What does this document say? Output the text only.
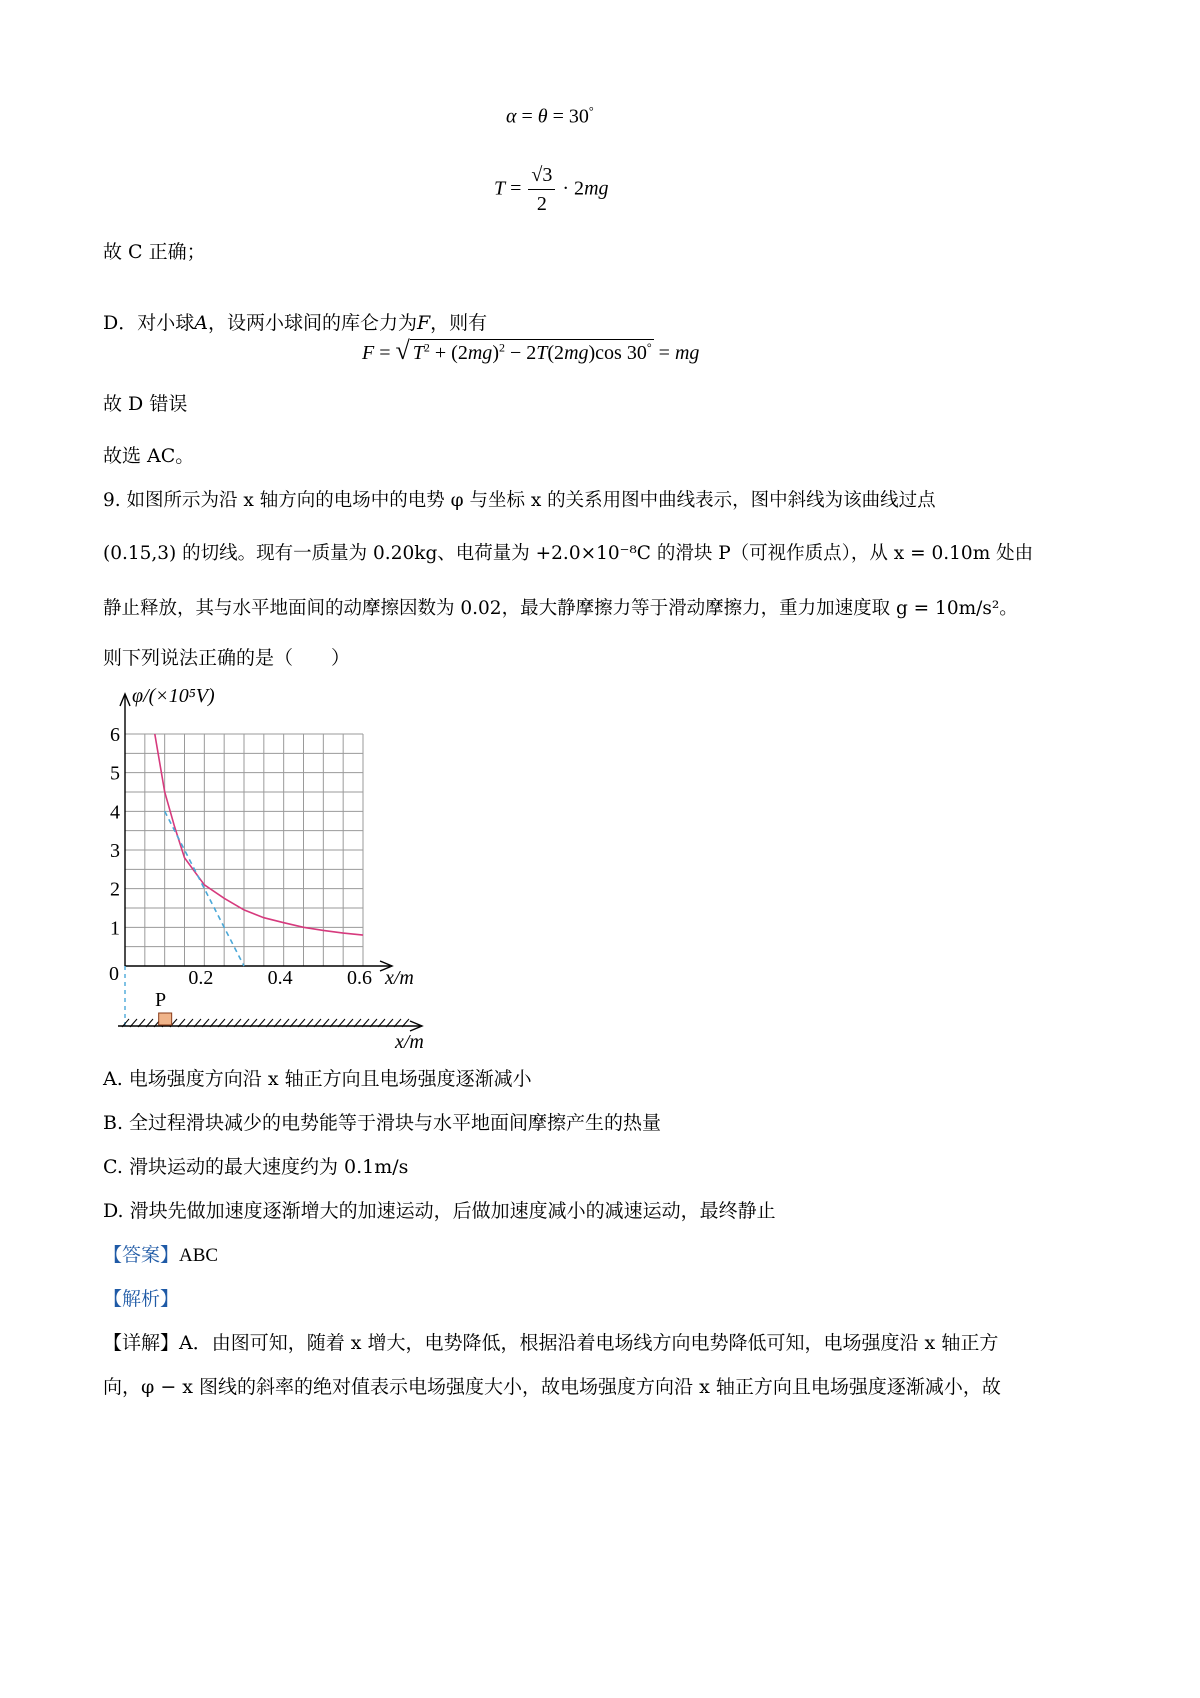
α = θ = 30°
$T = \frac{√3}{2} \cdot 2mg$
故 C 正确；
D．对小球A，设两小球间的库仑力为F，则有
F = √ $T^2 + (2mg)^2 - 2T(2mg)\cos$ 30° = mg
故 D 错误
故选 AC。
9. 如图所示为沿 x 轴方向的电场中的电势 φ 与坐标 x 的关系用图中曲线表示，图中斜线为该曲线过点
(0.15,3) 的切线。现有一质量为 0.20kg、电荷量为 +2.0×10⁻⁸C 的滑块 P（可视作质点），从 x = 0.10m 处由
静止释放，其与水平地面间的动摩擦因数为 0.02，最大静摩擦力等于滑动摩擦力，重力加速度取 g = 10m/s²。
则下列说法正确的是（　　）
1
2
3
4
5
6
0.2	0.4	0.6
φ/(×10⁵V)
x/m
0
P
x/m
A. 电场强度方向沿 x 轴正方向且电场强度逐渐减小
B. 全过程滑块减少的电势能等于滑块与水平地面间摩擦产生的热量
C. 滑块运动的最大速度约为 0.1m/s
D. 滑块先做加速度逐渐增大的加速运动，后做加速度减小的减速运动，最终静止
【答案】ABC
【解析】
【详解】A．由图可知，随着 x 增大，电势降低，根据沿着电场线方向电势降低可知，电场强度沿 x 轴正方
向，φ − x 图线的斜率的绝对值表示电场强度大小，故电场强度方向沿 x 轴正方向且电场强度逐渐减小，故
